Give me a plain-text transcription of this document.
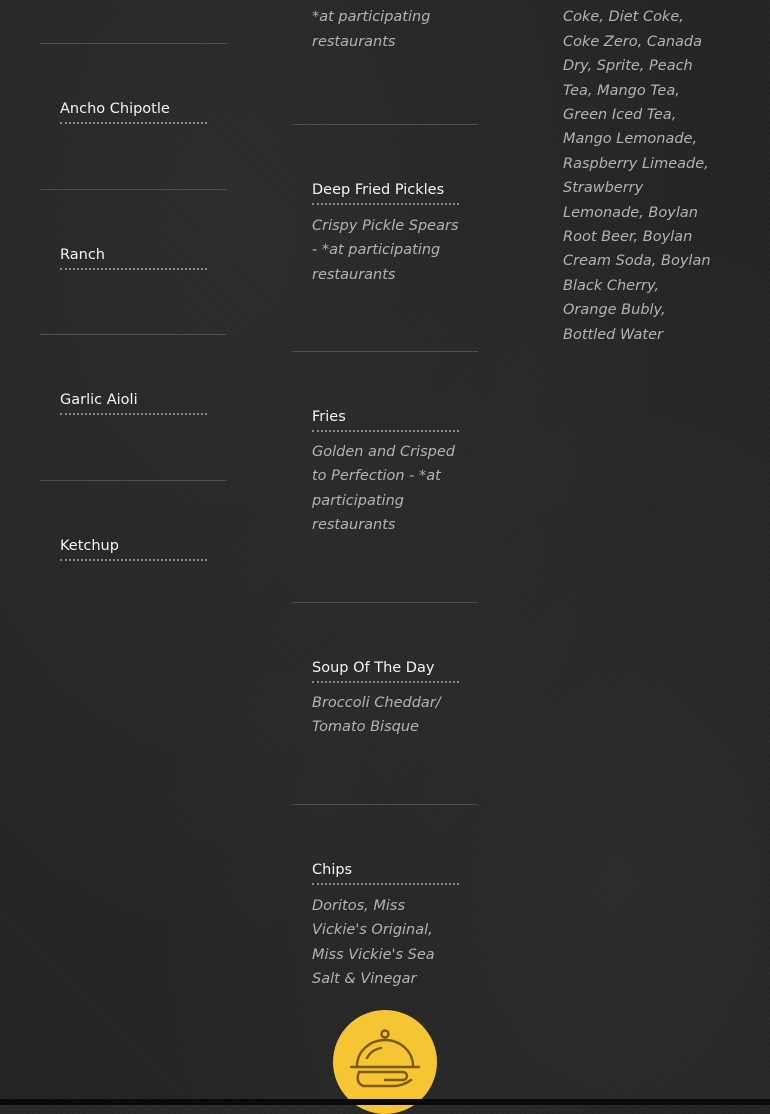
Ancho Chipotle
Ranch
Garlic Aioli
Ketchup
*at participating restaurants
Deep Fried Pickles
Crispy Pickle Spears - *at participating restaurants
Fries
Golden and Crisped to Perfection - *at participating restaurants
Soup Of The Day
Broccoli Cheddar/ Tomato Bisque
Chips
Doritos, Miss Vickie's Original, Miss Vickie's Sea Salt & Vinegar
Coke, Diet Coke, Coke Zero, Canada Dry, Sprite, Peach Tea, Mango Tea, Green Iced Tea, Mango Lemonade, Raspberry Limeade, Strawberry Lemonade, Boylan Root Beer, Boylan Cream Soda, Boylan Black Cherry, Orange Bubly, Bottled Water
